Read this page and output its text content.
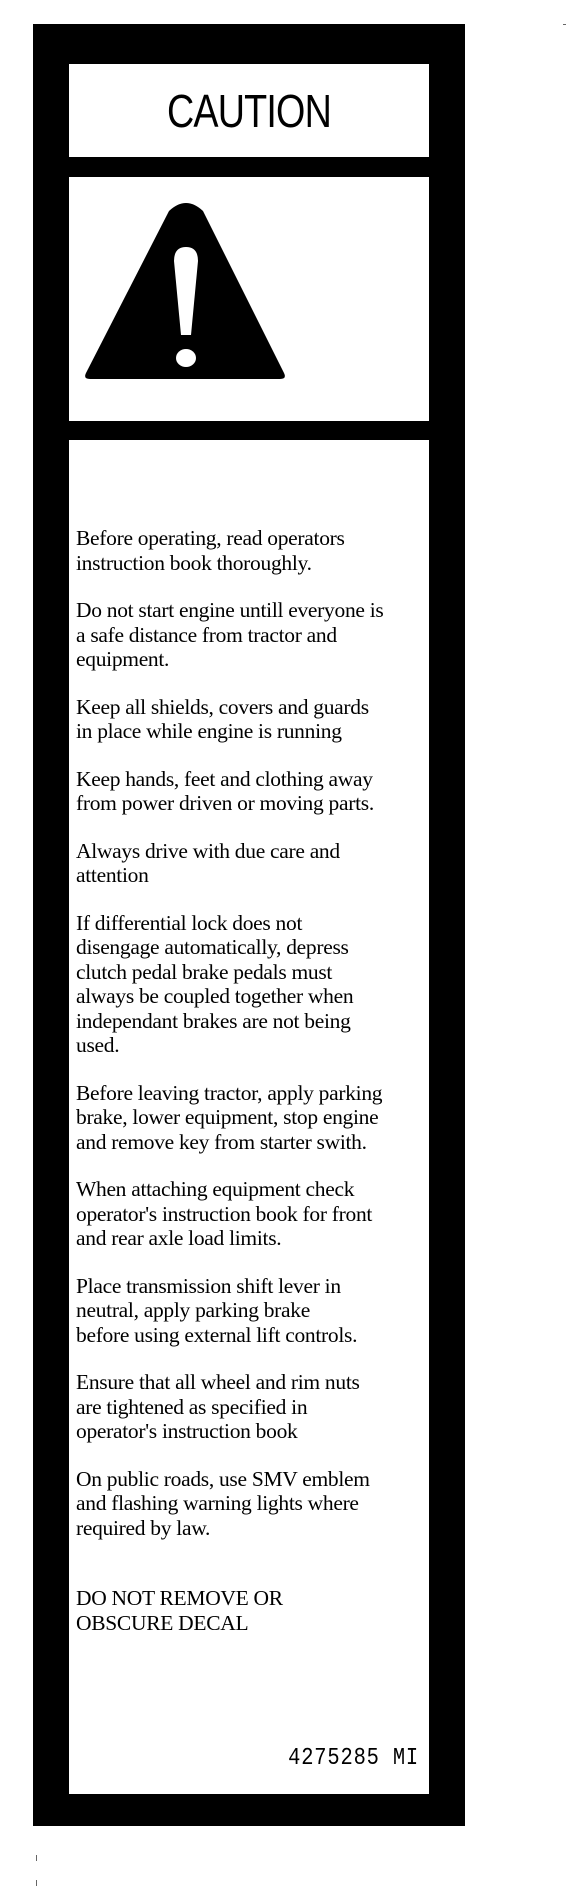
CAUTION

Before operating, read operators
instruction book thoroughly.

Do not start engine untill everyone is
a safe distance from tractor and
equipment.

Keep all shields, covers and guards
in place while engine is running

Keep hands, feet and clothing away
from power driven or moving parts.

Always drive with due care and
attention

If differential lock does not
disengage automatically, depress
clutch pedal brake pedals must
always be coupled together when
independant brakes are not being
used.

Before leaving tractor, apply parking
brake, lower equipment, stop engine
and remove key from starter swith.

When attaching equipment check
operator's instruction book for front
and rear axle load limits.

Place transmission shift lever in
neutral, apply parking brake
before using external lift controls.

Ensure that all wheel and rim nuts
are tightened as specified in
operator's instruction book

On public roads, use SMV emblem
and flashing warning lights where
required by law.

DO NOT REMOVE OR
OBSCURE DECAL

4275285 MI
